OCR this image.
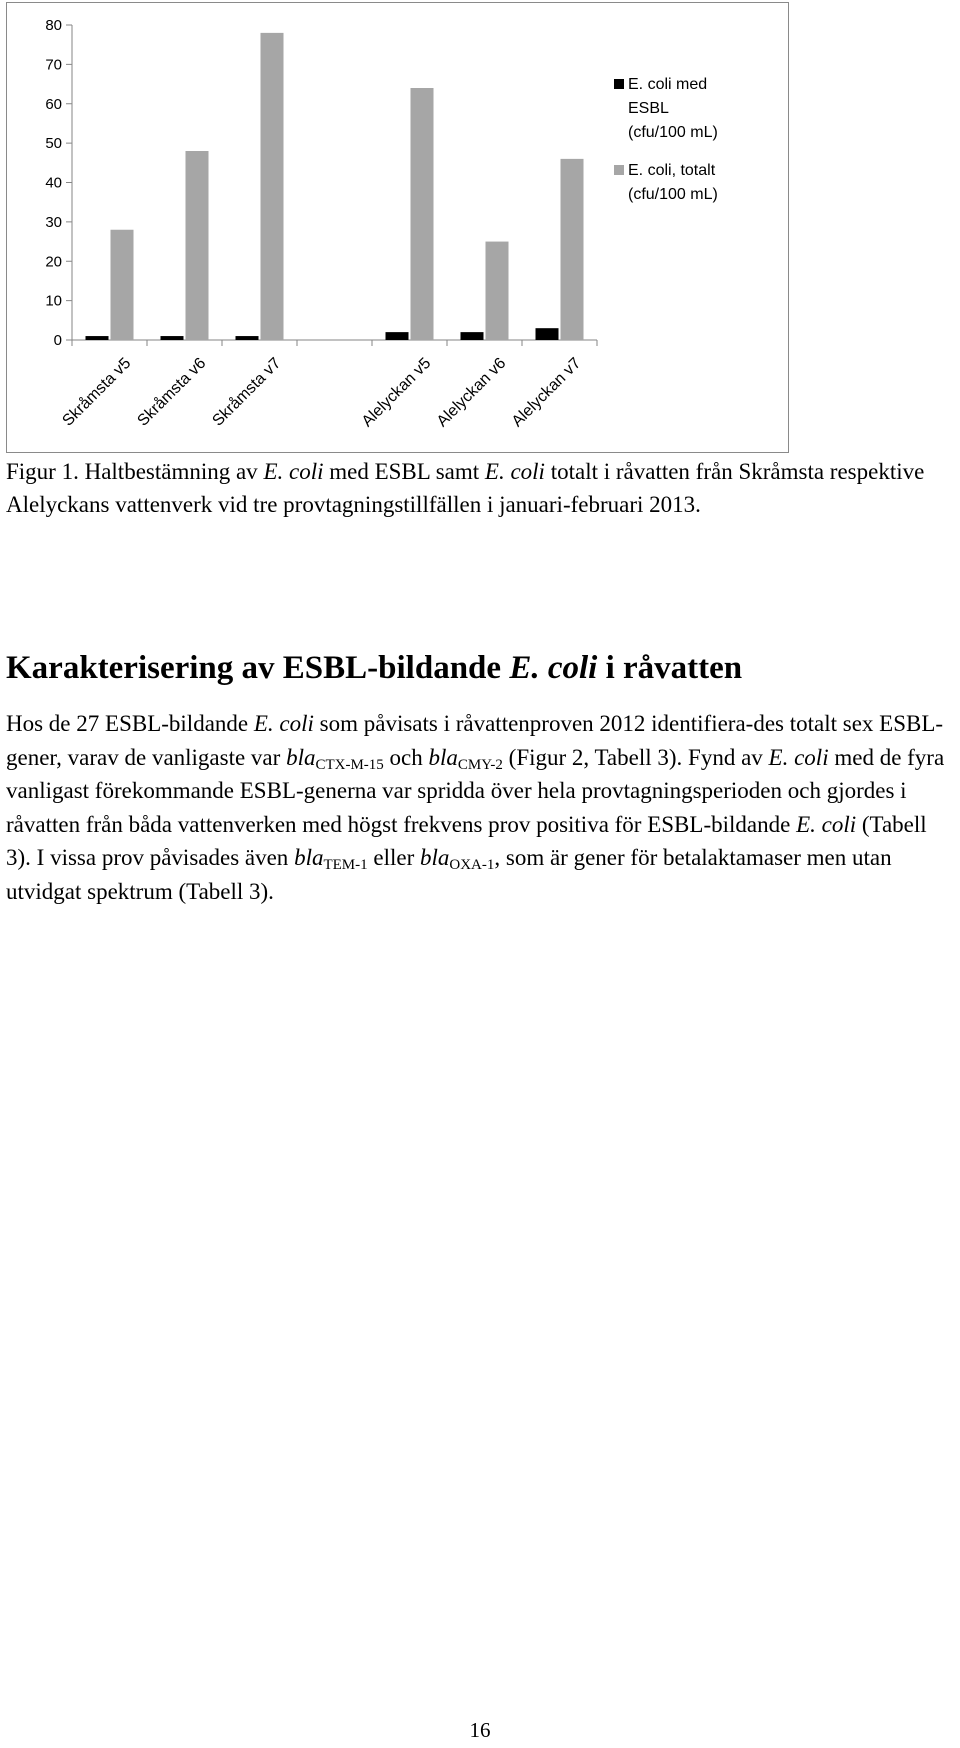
0
10
20
30
40
50
60
70
80
Skråmsta v5 Skråmsta v6 Skråmsta v7	Alelyckan v5 Alelyckan v6 Alelyckan v7
E. coli med
ESBL
(cfu/100 mL)
E. coli, totalt
(cfu/100 mL)
Figur 1. Haltbestämning av E. coli med ESBL samt E. coli totalt i råvatten från Skråmsta respektive Alelyckans vattenverk vid tre provtagningstillfällen i januari-februari 2013.
Karakterisering av ESBL-bildande E. coli i råvatten
Hos de 27 ESBL-bildande E. coli som påvisats i råvattenproven 2012 identifiera-des totalt sex ESBL-gener, varav de vanligaste var bla$_{CTX-M-15}$ och bla$_{CMY-2}$ (Figur 2, Tabell 3). Fynd av E. coli med de fyra vanligast förekommande ESBL-generna var spridda över hela provtagningsperioden och gjordes i råvatten från båda vattenverken med högst frekvens prov positiva för ESBL-bildande E. coli (Tabell 3). I vissa prov påvisades även bla$_{TEM-1}$ eller bla$_{OXA-1}$, som är gener för betalaktamaser men utan utvidgat spektrum (Tabell 3).
16
